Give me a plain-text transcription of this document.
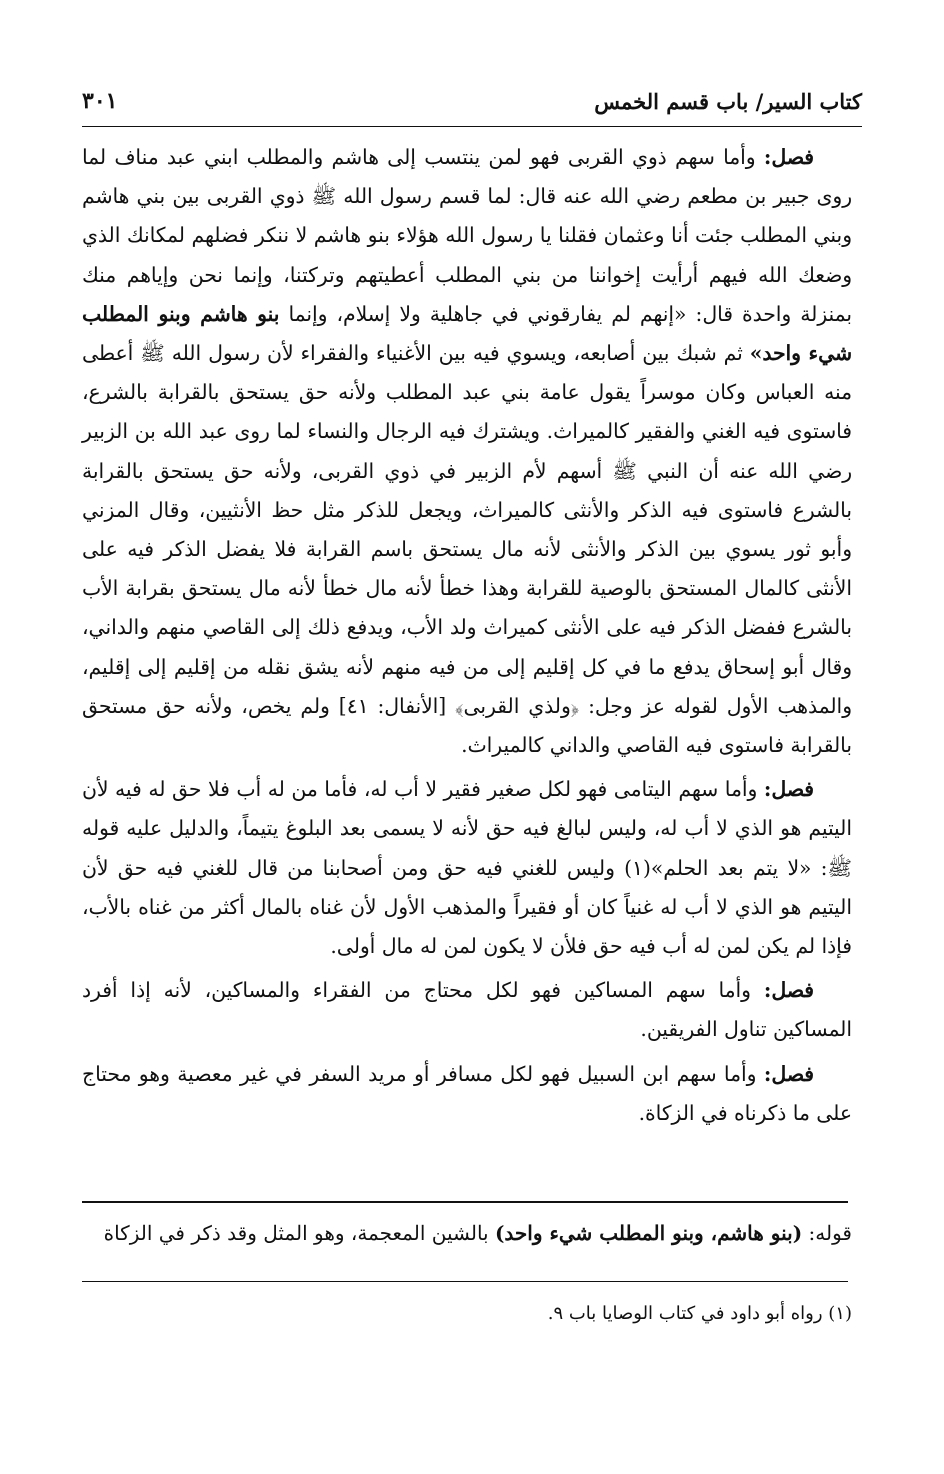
كتاب السير/ باب قسم الخمس
٣٠١

فصل: وأما سهم ذوي القربى فهو لمن ينتسب إلى هاشم والمطلب ابني عبد مناف لما روى جبير بن مطعم رضي الله عنه قال: لما قسم رسول الله ﷺ ذوي القربى بين بني هاشم وبني المطلب جئت أنا وعثمان فقلنا يا رسول الله هؤلاء بنو هاشم لا ننكر فضلهم لمكانك الذي وضعك الله فيهم أرأيت إخواننا من بني المطلب أعطيتهم وتركتنا، وإنما نحن وإياهم منك بمنزلة واحدة قال: «إنهم لم يفارقوني في جاهلية ولا إسلام، وإنما بنو هاشم وبنو المطلب شيء واحد» ثم شبك بين أصابعه، ويسوي فيه بين الأغنياء والفقراء لأن رسول الله ﷺ أعطى منه العباس وكان موسراً يقول عامة بني عبد المطلب ولأنه حق يستحق بالقرابة بالشرع، فاستوى فيه الغني والفقير كالميراث. ويشترك فيه الرجال والنساء لما روى عبد الله بن الزبير رضي الله عنه أن النبي ﷺ أسهم لأم الزبير في ذوي القربى، ولأنه حق يستحق بالقرابة بالشرع فاستوى فيه الذكر والأنثى كالميراث، ويجعل للذكر مثل حظ الأنثيين، وقال المزني وأبو ثور يسوي بين الذكر والأنثى لأنه مال يستحق باسم القرابة فلا يفضل الذكر فيه على الأنثى كالمال المستحق بالوصية للقرابة وهذا خطأ لأنه مال خطأ لأنه مال يستحق بقرابة الأب بالشرع ففضل الذكر فيه على الأنثى كميراث ولد الأب، ويدفع ذلك إلى القاصي منهم والداني، وقال أبو إسحاق يدفع ما في كل إقليم إلى من فيه منهم لأنه يشق نقله من إقليم إلى إقليم، والمذهب الأول لقوله عز وجل: ﴿ولذي القربى﴾ [الأنفال: ٤١] ولم يخص، ولأنه حق مستحق بالقرابة فاستوى فيه القاصي والداني كالميراث.

فصل: وأما سهم اليتامى فهو لكل صغير فقير لا أب له، فأما من له أب فلا حق له فيه لأن اليتيم هو الذي لا أب له، وليس لبالغ فيه حق لأنه لا يسمى بعد البلوغ يتيماً، والدليل عليه قوله ﷺ: «لا يتم بعد الحلم»(١) وليس للغني فيه حق ومن أصحابنا من قال للغني فيه حق لأن اليتيم هو الذي لا أب له غنياً كان أو فقيراً والمذهب الأول لأن غناه بالمال أكثر من غناه بالأب، فإذا لم يكن لمن له أب فيه حق فلأن لا يكون لمن له مال أولى.

فصل: وأما سهم المساكين فهو لكل محتاج من الفقراء والمساكين، لأنه إذا أفرد المساكين تناول الفريقين.

فصل: وأما سهم ابن السبيل فهو لكل مسافر أو مريد السفر في غير معصية وهو محتاج على ما ذكرناه في الزكاة.

قوله: (بنو هاشم، وبنو المطلب شيء واحد) بالشين المعجمة، وهو المثل وقد ذكر في الزكاة
(١) رواه أبو داود في كتاب الوصايا باب ٩.
